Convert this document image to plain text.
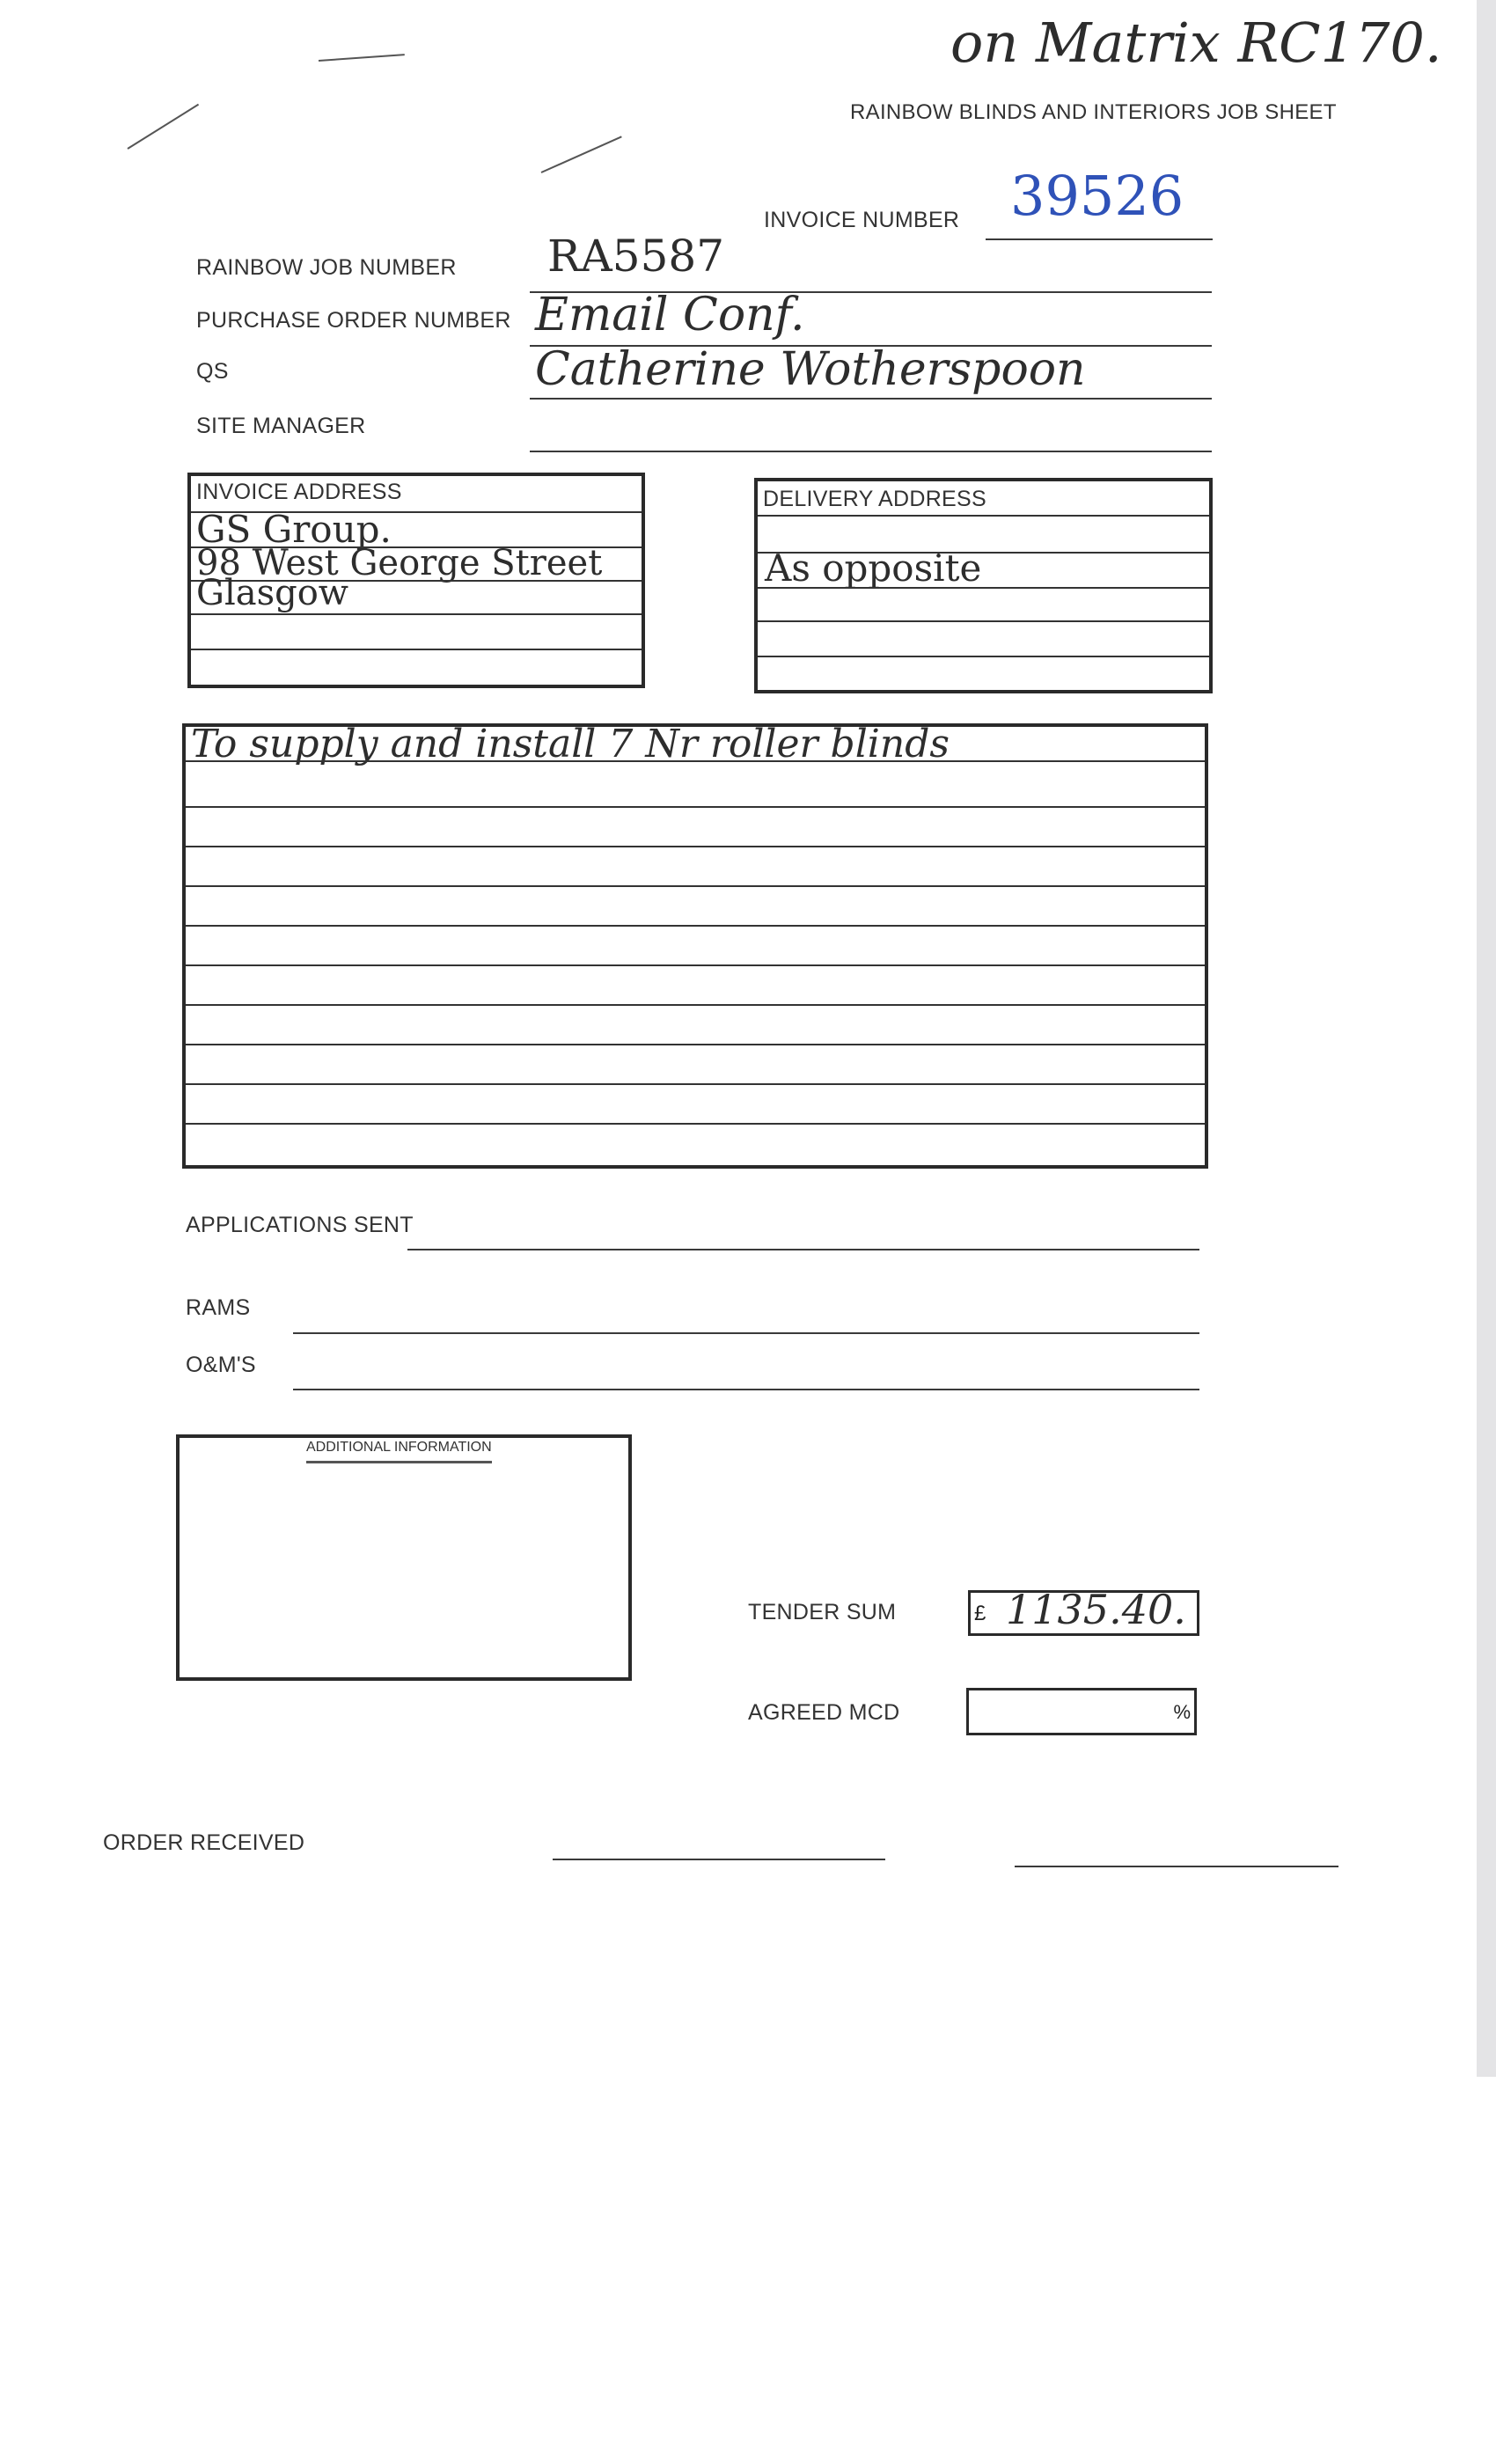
on Matrix RC170.
RAINBOW BLINDS AND INTERIORS JOB SHEET
INVOICE NUMBER 39526
RAINBOW JOB NUMBER RA5587
PURCHASE ORDER NUMBER Email Conf.
QS	Catherine Wotherspoon
SITE MANAGER
INVOICE ADDRESS
GS Group.
98 West George Street
Glasgow
DELIVERY ADDRESS
As opposite
To supply and install 7 Nr roller blinds
APPLICATIONS SENT
RAMS
O&M'S
ADDITIONAL INFORMATION
TENDER SUM	£ 1135.40.
AGREED MCD	%
ORDER RECEIVED
